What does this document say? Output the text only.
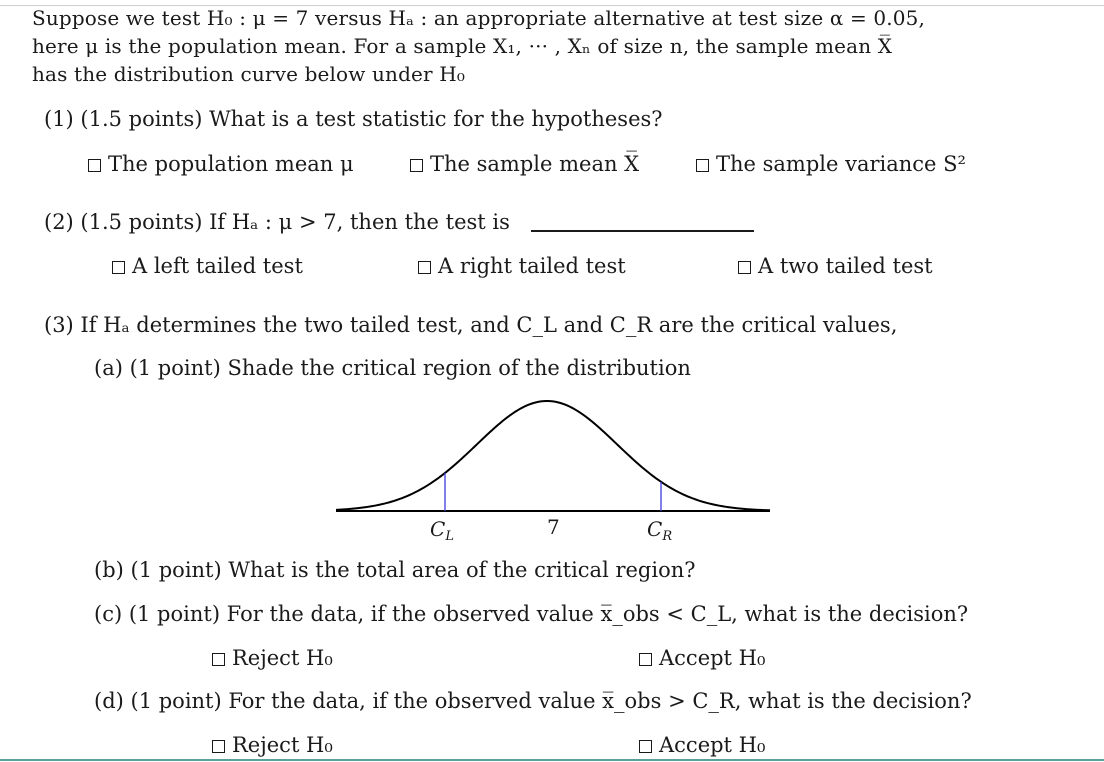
Suppose we test H₀ : μ = 7 versus Hₐ : an appropriate alternative at test size α = 0.05,
here μ is the population mean. For a sample X₁, ··· , Xₙ of size n, the sample mean X̅
has the distribution curve below under H₀
(1) (1.5 points) What is a test statistic for the hypotheses?
The population mean μ	The sample mean X̅	The sample variance S²
(2) (1.5 points) If Hₐ : μ > 7, then the test is
A left tailed test	A right tailed test	A two tailed test
(3) If Hₐ determines the two tailed test, and C_L and C_R are the critical values,
(a) (1 point) Shade the critical region of the distribution
$C_L$	7	$C_R$
(b) (1 point) What is the total area of the critical region?
(c) (1 point) For the data, if the observed value x̅_obs < C_L, what is the decision?
Reject H₀	Accept H₀
(d) (1 point) For the data, if the observed value x̅_obs > C_R, what is the decision?
Reject H₀	Accept H₀
